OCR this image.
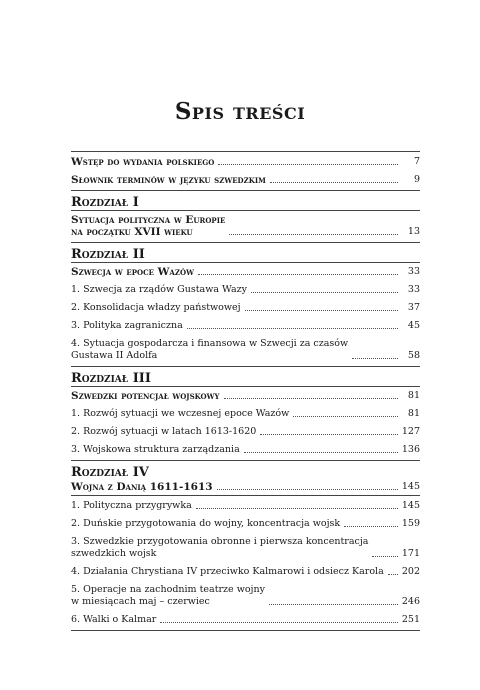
Spis treści
Wstęp do wydania polskiego	7
Słownik terminów w języku szwedzkim	9
Rozdział I
Sytuacja polityczna w Europie
na początku XVII wieku	13
Rozdział II
Szwecja w epoce Wazów	33
1. Szwecja za rządów Gustawa Wazy	33
2. Konsolidacja władzy państwowej	37
3. Polityka zagraniczna	45
4. Sytuacja gospodarcza i finansowa w Szwecji za czasów
Gustawa II Adolfa	58
Rozdział III
Szwedzki potencjał wojskowy	81
1. Rozwój sytuacji we wczesnej epoce Wazów	81
2. Rozwój sytuacji w latach 1613-1620	127
3. Wojskowa struktura zarządzania	136
Rozdział IV
Wojna z Danią 1611-1613	145
1. Polityczna przygrywka	145
2. Duńskie przygotowania do wojny, koncentracja wojsk	159
3. Szwedzkie przygotowania obronne i pierwsza koncentracja
szwedzkich wojsk	171
4. Działania Chrystiana IV przeciwko Kalmarowi i odsiecz Karola 202
5. Operacje na zachodnim teatrze wojny
w miesiącach maj – czerwiec	246
6. Walki o Kalmar	251
